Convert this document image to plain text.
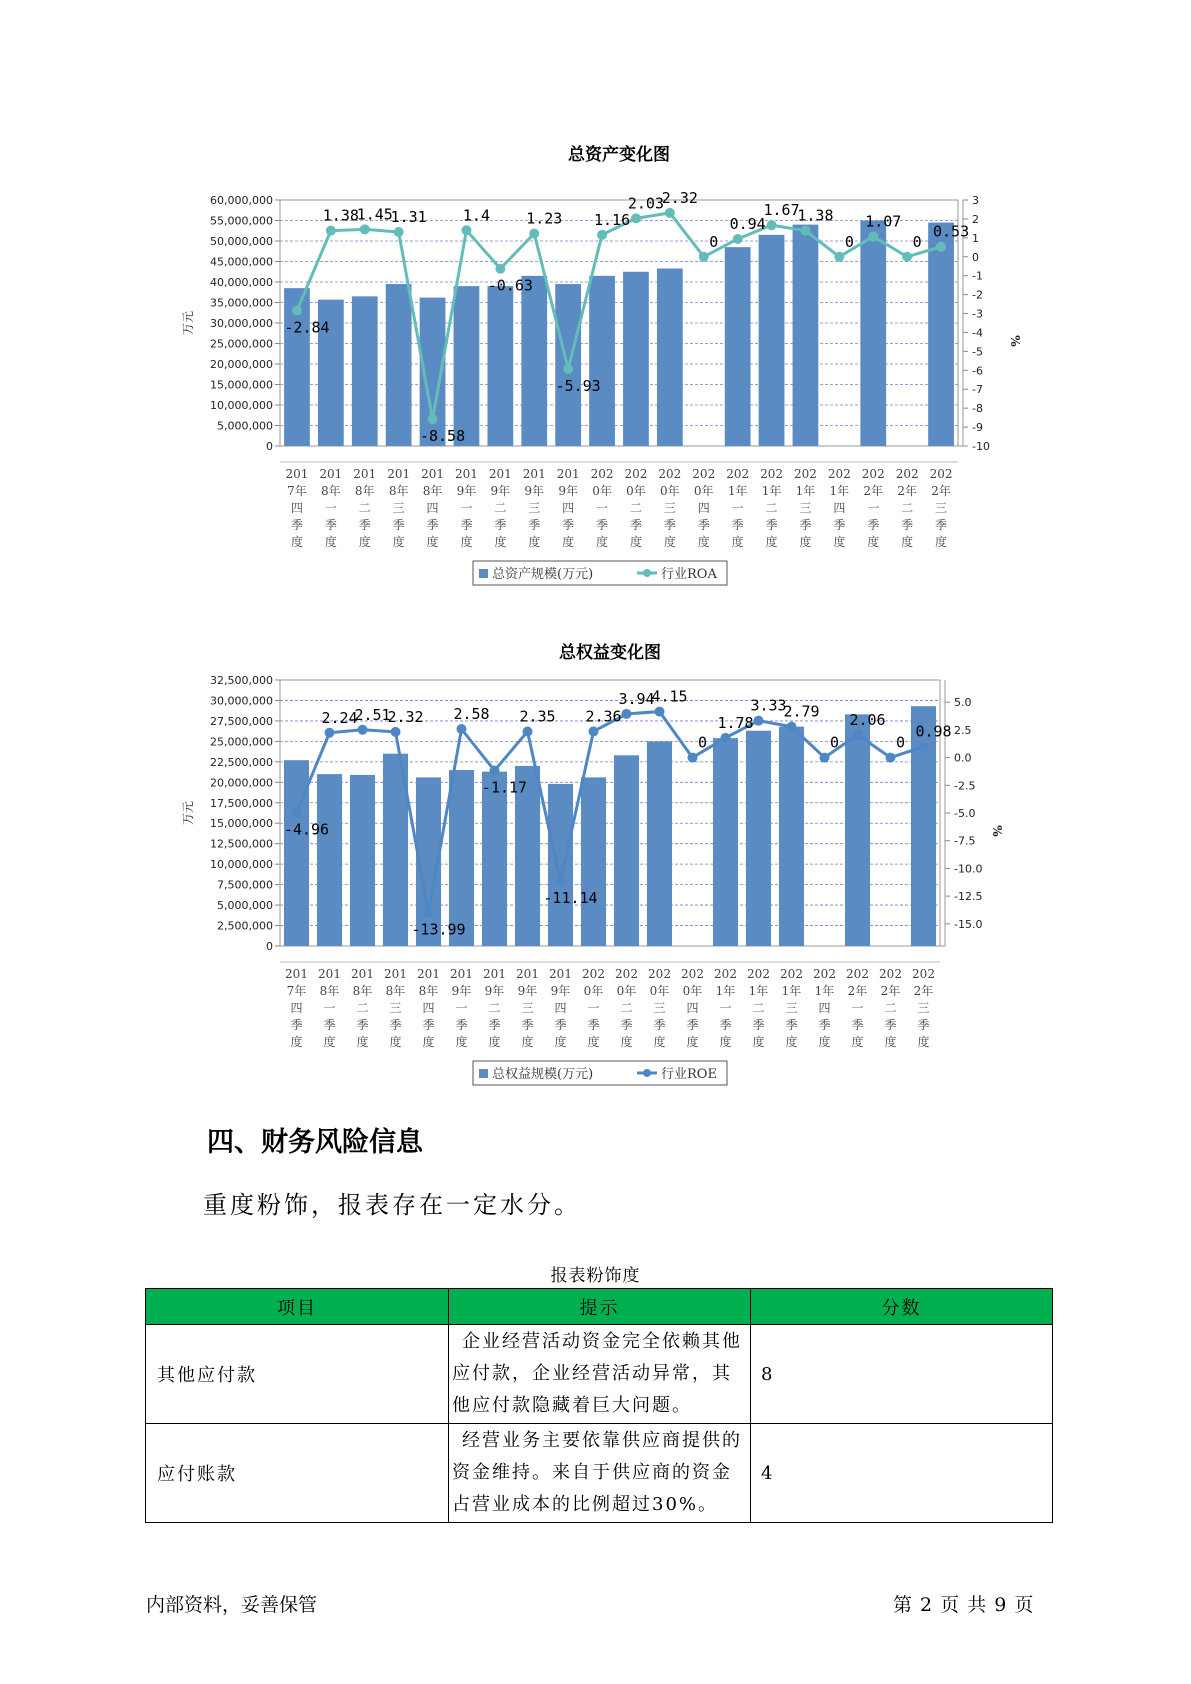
总资产变化图
60,000,000
55,000,000
50,000,000
45,000,000
40,000,000
35,000,000
30,000,000
25,000,000
20,000,000
15,000,000
10,000,000
5,000,000
0
3
2
1
0
-1
-2
-3
-4
-5
-6
-7
-8
-9
-10
万元
%
-2.84
1.38
1.45
1.31
-8.58
1.4
-0.63
1.23
-5.93
1.16
2.03
2.32
0
0.94
1.67
1.38
0
1.07
0
0.53
201 7年四季度
201 8年一季度
201 8年二季度
201 8年三季度
201 8年四季度
201 9年一季度
201 9年二季度
201 9年三季度
201 9年四季度
202 0年一季度
202 0年二季度
202 0年三季度
202 0年四季度
202 1年一季度
202 1年二季度
202 1年三季度
202 1年四季度
202 2年一季度
202 2年二季度
202 2年三季度
总资产规模(万元)	行业ROA
总权益变化图
32,500,000
30,000,000
27,500,000
25,000,000
22,500,000
20,000,000
17,500,000
15,000,000
12,500,000
10,000,000
7,500,000
5,000,000
2,500,000
0
5.0
2.5
0.0
-2.5
-5.0
-7.5
-10.0
-12.5
-15.0
万元
%
-4.96
2.24
2.51
2.32
-13.99
2.58
-1.17
2.35
-11.14
2.36
3.94
4.15
0
1.78
3.33
2.79
0
2.06
0
0.98
201 7年四季度
201 8年一季度
201 8年二季度
201 8年三季度
201 8年四季度
201 9年一季度
201 9年二季度
201 9年三季度
201 9年四季度
202 0年一季度
202 0年二季度
202 0年三季度
202 0年四季度
202 1年一季度
202 1年二季度
202 1年三季度
202 1年四季度
202 2年一季度
202 2年二季度
202 2年三季度
总权益规模(万元)	行业ROE
四、财务风险信息
重度粉饰，报表存在一定水分。
报表粉饰度
项目	提示	分数
其他应付款	企业经营活动资金完全依赖其他应付款，企业经营活动异常，其他应付款隐藏着巨大问题。	8
应付账款	经营业务主要依靠供应商提供的资金维持。来自于供应商的资金占营业成本的比例超过30%。	4
内部资料，妥善保管	第 2 页 共 9 页
